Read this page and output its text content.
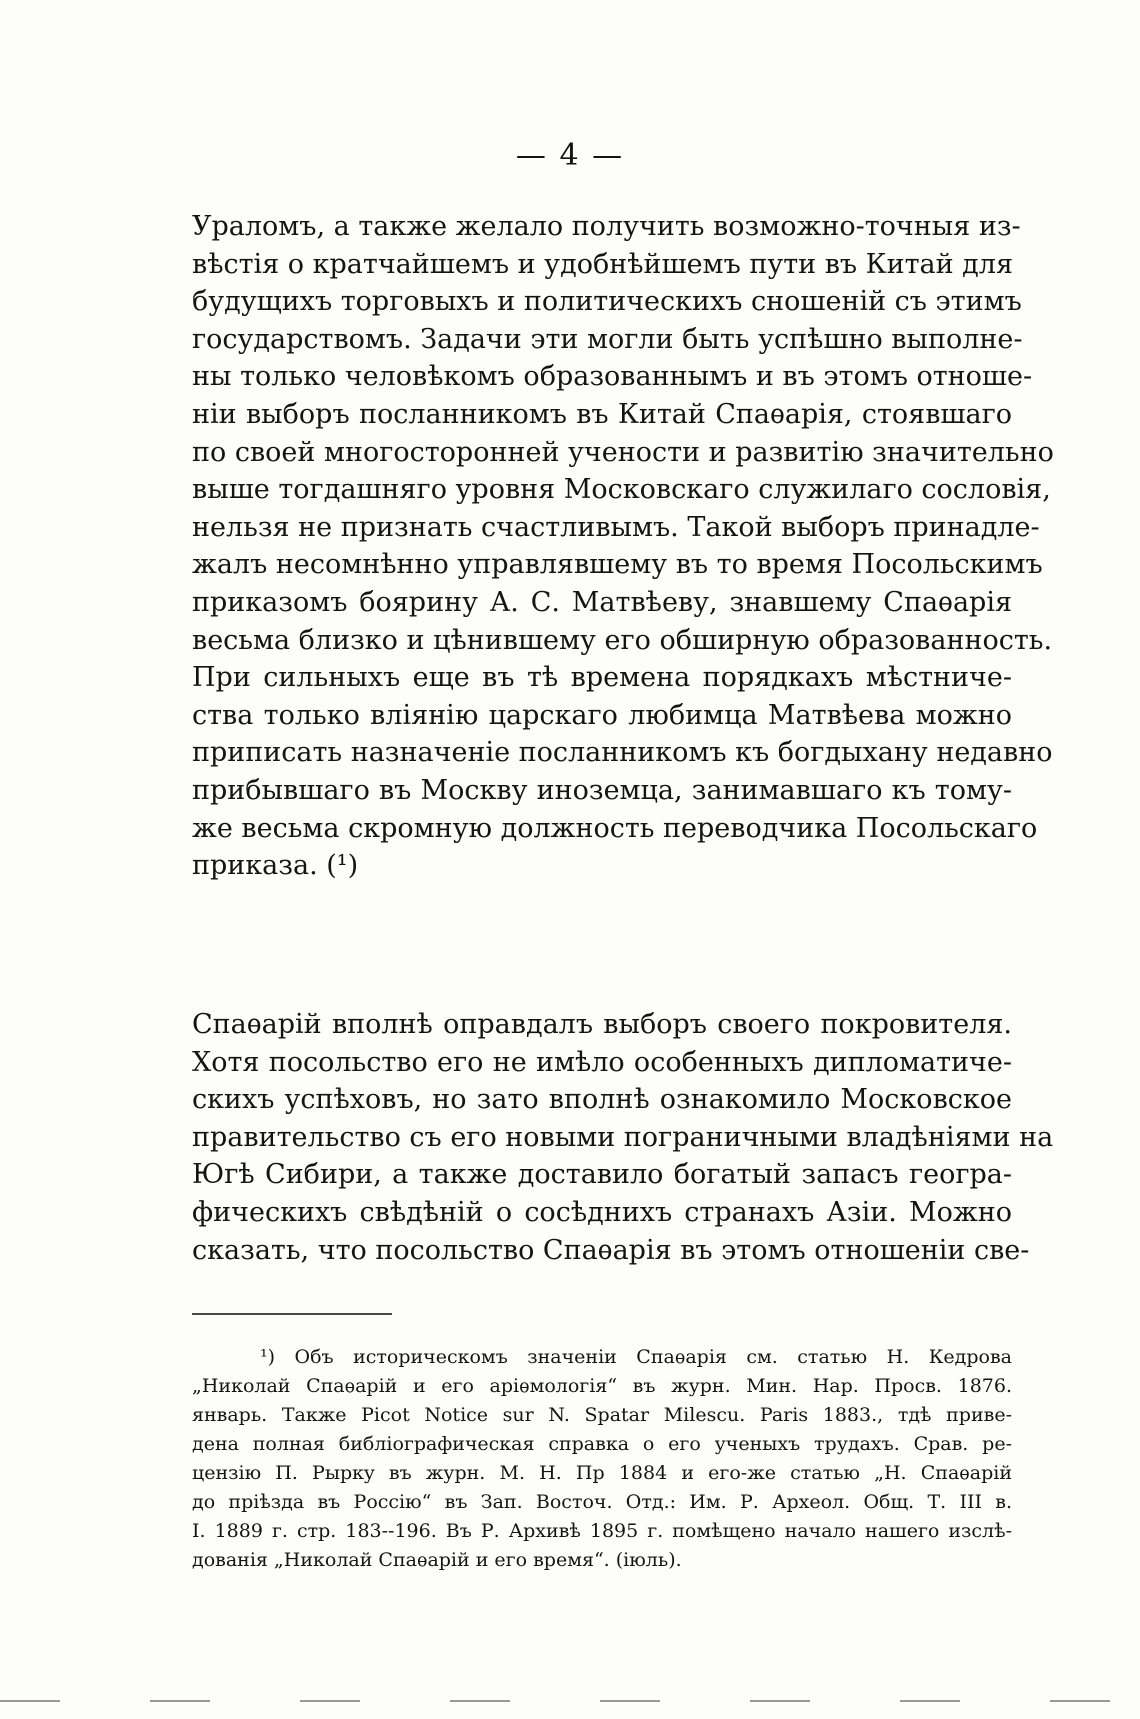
— 4 —
Ураломъ, а также желало получить возможно-точныя из-
вѣстія о кратчайшемъ и удобнѣйшемъ пути въ Китай для
будущихъ торговыхъ и политическихъ сношеній съ этимъ
государствомъ. Задачи эти могли быть успѣшно выполне-
ны только человѣкомъ образованнымъ и въ этомъ отноше-
ніи выборъ посланникомъ въ Китай Спаѳарія, стоявшаго
по своей многосторонней учености и развитію значительно
выше тогдашняго уровня Московскаго служилаго сословія,
нельзя не признать счастливымъ. Такой выборъ принадле-
жалъ несомнѣнно управлявшему въ то время Посольскимъ
приказомъ боярину А. С. Матвѣеву, знавшему Спаѳарія
весьма близко и цѣнившему его обширную образованность.
При сильныхъ еще въ тѣ времена порядкахъ мѣстниче-
ства только вліянію царскаго любимца Матвѣева можно
приписать назначеніе посланникомъ къ богдыхану недавно
прибывшаго въ Москву иноземца, занимавшаго къ тому-
же весьма скромную должность переводчика Посольскаго
приказа. (¹)
Спаѳарій вполнѣ оправдалъ выборъ своего покровителя.
Хотя посольство его не имѣло особенныхъ дипломатиче-
скихъ успѣховъ, но зато вполнѣ ознакомило Московское
правительство съ его новыми пограничными владѣніями на
Югѣ Сибири, а также доставило богатый запасъ геогра-
фическихъ свѣдѣній о сосѣднихъ странахъ Азіи. Можно
сказать, что посольство Спаѳарія въ этомъ отношеніи све-
¹) Объ историческомъ значеніи Спаѳарія см. статью Н. Кедрова
„Николай Спаѳарій и его аріѳмологія“ въ журн. Мин. Нар. Просв. 1876.
январь. Также Picot Notice sur N. Spatar Milescu. Paris 1883., тдѣ приве-
дена полная библіографическая справка о его ученыхъ трудахъ. Срав. ре-
цензію П. Рыркy въ журн. М. Н. Пр 1884 и его-же статью „Н. Спаѳарій
до пріѣзда въ Россію“ въ Зап. Восточ. Отд.: Им. Р. Археол. Общ. Т. III в.
I. 1889 г. стр. 183--196. Въ Р. Архивѣ 1895 г. помѣщено начало нашего изслѣ-
дованія „Николай Спаѳарій и его время“. (іюль).
